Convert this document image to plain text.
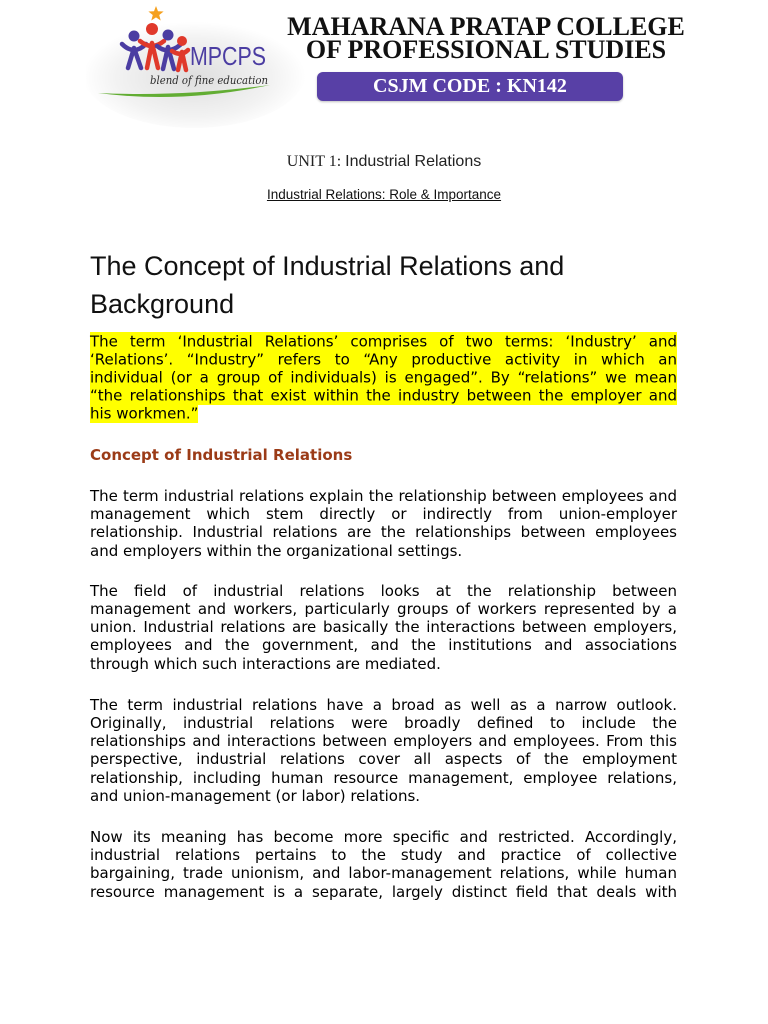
MPCPS
blend of fine education
MAHARANA PRATAP COLLEGE
OF PROFESSIONAL STUDIES
CSJM CODE : KN142
UNIT 1: Industrial Relations
Industrial Relations: Role & Importance
The Concept of Industrial Relations and Background

The term ‘Industrial Relations’ comprises of two terms: ‘Industry’ and
‘Relations’. “Industry” refers to “Any productive activity in which an
individual (or a group of individuals) is engaged”. By “relations” we mean
“the relationships that exist within the industry between the employer and
his workmen.”

Concept of Industrial Relations

The term industrial relations explain the relationship between employees and
management which stem directly or indirectly from union-employer
relationship. Industrial relations are the relationships between employees
and employers within the organizational settings.

The field of industrial relations looks at the relationship between
management and workers, particularly groups of workers represented by a
union. Industrial relations are basically the interactions between employers,
employees and the government, and the institutions and associations
through which such interactions are mediated.

The term industrial relations have a broad as well as a narrow outlook.
Originally, industrial relations were broadly defined to include the
relationships and interactions between employers and employees. From this
perspective, industrial relations cover all aspects of the employment
relationship, including human resource management, employee relations,
and union-management (or labor) relations.

Now its meaning has become more specific and restricted. Accordingly,
industrial relations pertains to the study and practice of collective
bargaining, trade unionism, and labor-management relations, while human
resource management is a separate, largely distinct field that deals with
